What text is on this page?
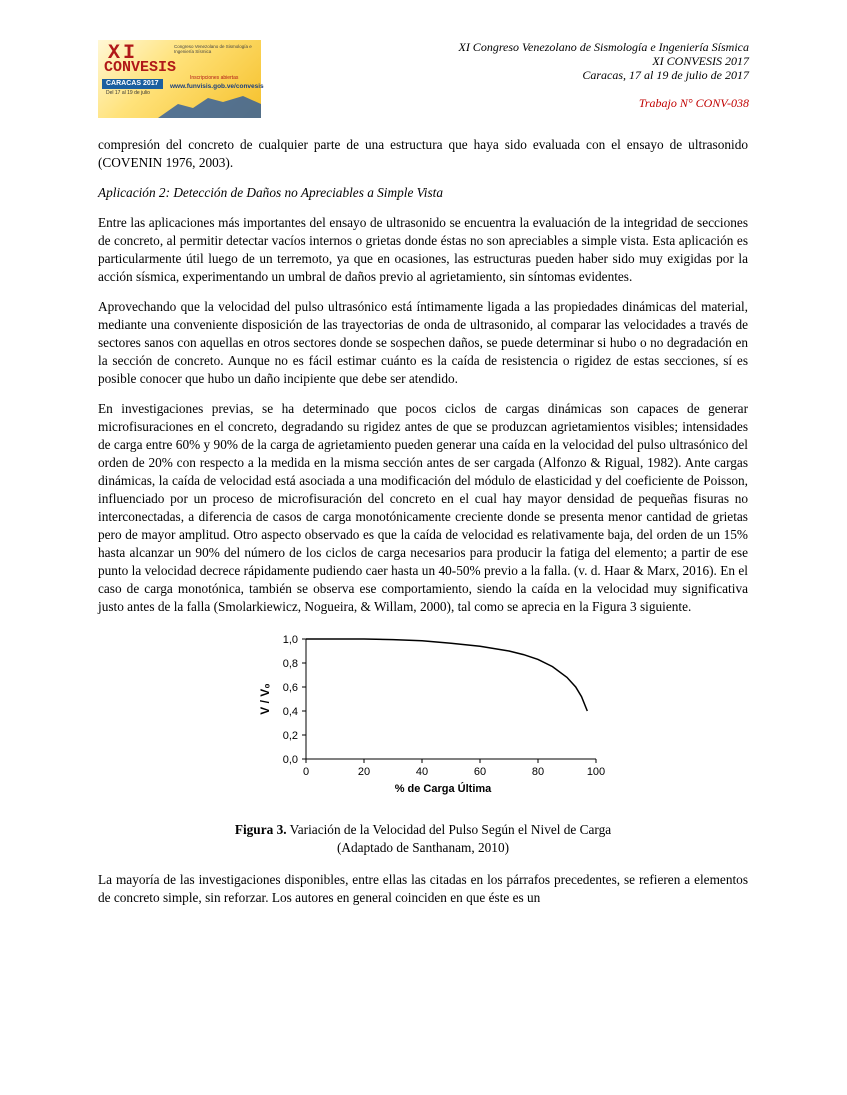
XI
CONVESIS
Congreso Venezolano de Sismología e Ingeniería Sísmica
Inscripciones abiertas
www.funvisis.gob.ve/convesis
CARACAS 2017
Del 17 al 19 de julio
XI Congreso Venezolano de Sismología e Ingeniería Sísmica
XI CONVESIS 2017
Caracas, 17 al 19 de julio de 2017
Trabajo N° CONV-038

compresión del concreto de cualquier parte de una estructura que haya sido evaluada con el ensayo de ultrasonido (COVENIN 1976, 2003).

Aplicación 2: Detección de Daños no Apreciables a Simple Vista

Entre las aplicaciones más importantes del ensayo de ultrasonido se encuentra la evaluación de la integridad de secciones de concreto, al permitir detectar vacíos internos o grietas donde éstas no son apreciables a simple vista. Esta aplicación es particularmente útil luego de un terremoto, ya que en ocasiones, las estructuras pueden haber sido muy exigidas por la acción sísmica, experimentando un umbral de daños previo al agrietamiento, sin síntomas evidentes.

Aprovechando que la velocidad del pulso ultrasónico está íntimamente ligada a las propiedades dinámicas del material, mediante una conveniente disposición de las trayectorias de onda de ultrasonido, al comparar las velocidades a través de sectores sanos con aquellas en otros sectores donde se sospechen daños, se puede determinar si hubo o no degradación en la sección de concreto. Aunque no es fácil estimar cuánto es la caída de resistencia o rigidez de estas secciones, sí es posible conocer que hubo un daño incipiente que debe ser atendido.

En investigaciones previas, se ha determinado que pocos ciclos de cargas dinámicas son capaces de generar microfisuraciones en el concreto, degradando su rigidez antes de que se produzcan agrietamientos visibles; intensidades de carga entre 60% y 90% de la carga de agrietamiento pueden generar una caída en la velocidad del pulso ultrasónico del orden de 20% con respecto a la medida en la misma sección antes de ser cargada (Alfonzo & Rigual, 1982). Ante cargas dinámicas, la caída de velocidad está asociada a una modificación del módulo de elasticidad y del coeficiente de Poisson, influenciado por un proceso de microfisuración del concreto en el cual hay mayor densidad de pequeñas fisuras no interconectadas, a diferencia de casos de carga monotónicamente creciente donde se presenta menor cantidad de grietas pero de mayor amplitud. Otro aspecto observado es que la caída de velocidad es relativamente baja, del orden de un 15% hasta alcanzar un 90% del número de los ciclos de carga necesarios para producir la fatiga del elemento; a partir de ese punto la velocidad decrece rápidamente pudiendo caer hasta un 40-50% previo a la falla. (v. d. Haar & Marx, 2016). En el caso de carga monotónica, también se observa ese comportamiento, siendo la caída en la velocidad muy significativa justo antes de la falla (Smolarkiewicz, Nogueira, & Willam, 2000), tal como se aprecia en la Figura 3 siguiente.

0,0
0,2
0,4
0,6
0,8
1,0
0	20	40	60	80	100
% de Carga Última
V / V₀
Figura 3. Variación de la Velocidad del Pulso Según el Nivel de Carga
(Adaptado de Santhanam, 2010)

La mayoría de las investigaciones disponibles, entre ellas las citadas en los párrafos precedentes, se refieren a elementos de concreto simple, sin reforzar. Los autores en general coinciden en que éste es un
